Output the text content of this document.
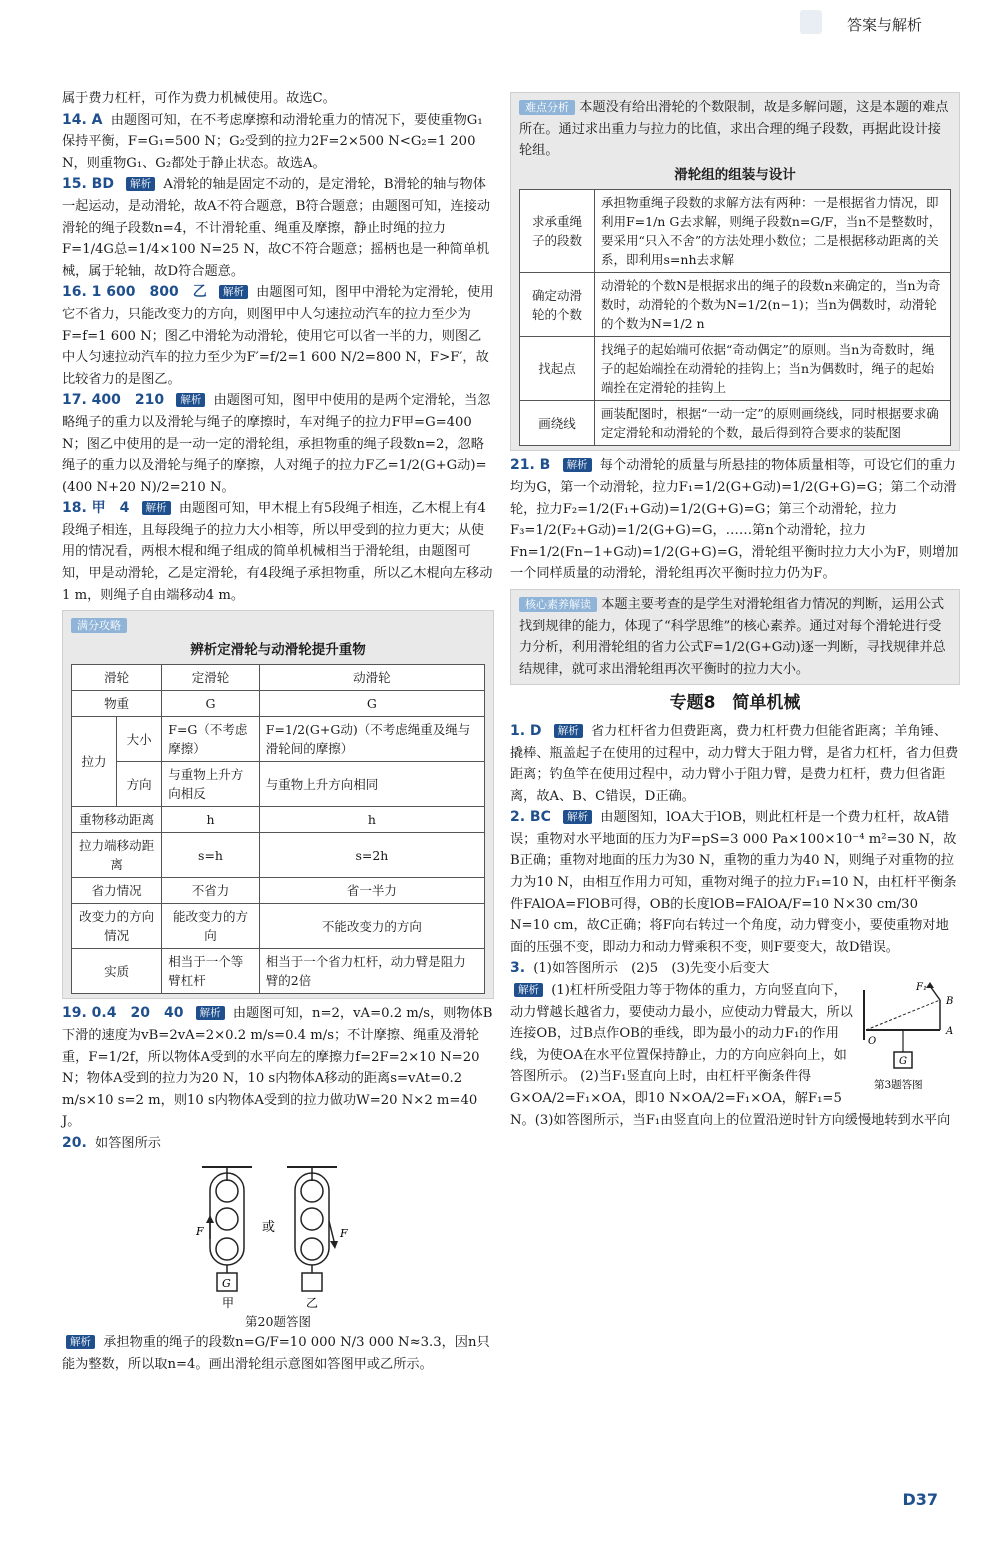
答案与解析
属于费力杠杆，可作为费力机械使用。故选C。
14. A 由题图可知，在不考虑摩擦和动滑轮重力的情况下，要使重物G₁保持平衡，F=G₁=500 N；G₂受到的拉力2F=2×500 N<G₂=1 200 N，则重物G₁、G₂都处于静止状态。故选A。
15. BD 解析 A滑轮的轴是固定不动的，是定滑轮，B滑轮的轴与物体一起运动，是动滑轮，故A不符合题意，B符合题意；由题图可知，连接动滑轮的绳子段数n=4，不计滑轮重、绳重及摩擦，静止时绳的拉力F=1/4G总=1/4×100 N=25 N，故C不符合题意；摇柄也是一种简单机械，属于轮轴，故D符合题意。
16. 1 600　800　乙 解析 由题图可知，图甲中滑轮为定滑轮，使用它不省力，只能改变力的方向，则图甲中人匀速拉动汽车的拉力至少为F=f=1 600 N；图乙中滑轮为动滑轮，使用它可以省一半的力，则图乙中人匀速拉动汽车的拉力至少为F′=f/2=1 600 N/2=800 N，F>F′，故比较省力的是图乙。
17. 400　210 解析 由题图可知，图甲中使用的是两个定滑轮，当忽略绳子的重力以及滑轮与绳子的摩擦时，车对绳子的拉力F甲=G=400 N；图乙中使用的是一动一定的滑轮组，承担物重的绳子段数n=2，忽略绳子的重力以及滑轮与绳子的摩擦，人对绳子的拉力F乙=1/2(G+G动)=(400 N+20 N)/2=210 N。
18. 甲　4 解析 由题图可知，甲木棍上有5段绳子相连，乙木棍上有4段绳子相连，且每段绳子的拉力大小相等，所以甲受到的拉力更大；从使用的情况看，两根木棍和绳子组成的简单机械相当于滑轮组，由题图可知，甲是动滑轮，乙是定滑轮，有4段绳子承担物重，所以乙木棍向左移动1 m，则绳子自由端移动4 m。
满分攻略
辨析定滑轮与动滑轮提升重物
滑轮		定滑轮	动滑轮
物重		G	G
拉力	大小	F=G（不考虑摩擦）	F=1/2(G+G动)（不考虑绳重及绳与滑轮间的摩擦）
	方向	与重物上升方向相反	与重物上升方向相同
重物移动距离		h	h
拉力端移动距离		s=h	s=2h
省力情况		不省力	省一半力
改变力的方向情况		能改变力的方向	不能改变力的方向
实质		相当于一个等臂杠杆	相当于一个省力杠杆，动力臂是阻力臂的2倍
19. 0.4　20　40 解析 由题图可知，n=2，vA=0.2 m/s，则物体B下滑的速度为vB=2vA=2×0.2 m/s=0.4 m/s；不计摩擦、绳重及滑轮重，F=1/2f，所以物体A受到的水平向左的摩擦力f=2F=2×10 N=20 N；物体A受到的拉力为20 N，10 s内物体A移动的距离s=vAt=0.2 m/s×10 s=2 m，则10 s内物体A受到的拉力做功W=20 N×2 m=40 J。
20. 如答图所示
G
F	或	F
甲	乙
第20题答图
解析 承担物重的绳子的段数n=G/F=10 000 N/3 000 N≈3.3，因n只能为整数，所以取n=4。画出滑轮组示意图如答图甲或乙所示。
难点分析 本题没有给出滑轮的个数限制，故是多解问题，这是本题的难点所在。通过求出重力与拉力的比值，求出合理的绳子段数，再据此设计接轮组。
滑轮组的组装与设计
求承重绳子的段数	承担物重绳子段数的求解方法有两种：一是根据省力情况，即利用F=1/n G去求解，则绳子段数n=G/F，当n不是整数时，要采用“只入不舍”的方法处理小数位；二是根据移动距离的关系，即利用s=nh去求解
确定动滑轮的个数	动滑轮的个数N是根据求出的绳子的段数n来确定的，当n为奇数时，动滑轮的个数为N=1/2(n−1)；当n为偶数时，动滑轮的个数为N=1/2 n
找起点	找绳子的起始端可依据“奇动偶定”的原则。当n为奇数时，绳子的起始端拴在动滑轮的挂钩上；当n为偶数时，绳子的起始端拴在定滑轮的挂钩上
画绕线	画装配图时，根据“一动一定”的原则画绕线，同时根据要求确定定滑轮和动滑轮的个数，最后得到符合要求的装配图
21. B 解析 每个动滑轮的质量与所悬挂的物体质量相等，可设它们的重力均为G，第一个动滑轮，拉力F₁=1/2(G+G动)=1/2(G+G)=G；第二个动滑轮，拉力F₂=1/2(F₁+G动)=1/2(G+G)=G；第三个动滑轮，拉力F₃=1/2(F₂+G动)=1/2(G+G)=G，……第n个动滑轮，拉力Fn=1/2(Fn−1+G动)=1/2(G+G)=G，滑轮组平衡时拉力大小为F，则增加一个同样质量的动滑轮，滑轮组再次平衡时拉力仍为F。
核心素养解读 本题主要考查的是学生对滑轮组省力情况的判断，运用公式找到规律的能力，体现了“科学思维”的核心素养。通过对每个滑轮进行受力分析，利用滑轮组的省力公式F=1/2(G+G动)逐一判断，寻找规律并总结规律，就可求出滑轮组再次平衡时的拉力大小。
专题8　简单机械
1. D 解析 省力杠杆省力但费距离，费力杠杆费力但能省距离；羊角锤、撬棒、瓶盖起子在使用的过程中，动力臂大于阻力臂，是省力杠杆，省力但费距离；钓鱼竿在使用过程中，动力臂小于阻力臂，是费力杠杆，费力但省距离，故A、B、C错误，D正确。
2. BC 解析 由题图知，lOA大于lOB，则此杠杆是一个费力杠杆，故A错误；重物对水平地面的压力为F=pS=3 000 Pa×100×10⁻⁴ m²=30 N，故B正确；重物对地面的压力为30 N，重物的重力为40 N，则绳子对重物的拉力为10 N，由相互作用力可知，重物对绳子的拉力F₁=10 N，由杠杆平衡条件FAlOA=FlOB可得，OB的长度lOB=FAlOA/F=10 N×30 cm/30 N=10 cm，故C正确；将F向右转过一个角度，动力臂变小，要使重物对地面的压强不变，即动力和动力臂乘积不变，则F要变大，故D错误。
3. (1)如答图所示　(2)5　(3)先变小后变大
F₁
B
A
O
G
第3题答图
解析 (1)杠杆所受阻力等于物体的重力，方向竖直向下，动力臂越长越省力，要使动力最小，应使动力臂最大，所以连接OB，过B点作OB的垂线，即为最小的动力F₁的作用线，为使OA在水平位置保持静止，力的方向应斜向上，如答图所示。 (2)当F₁竖直向上时，由杠杆平衡条件得G×OA/2=F₁×OA，即10 N×OA/2=F₁×OA，解F₁=5 N。(3)如答图所示，当F₁由竖直向上的位置沿逆时针方向缓慢地转到水平向
D37
